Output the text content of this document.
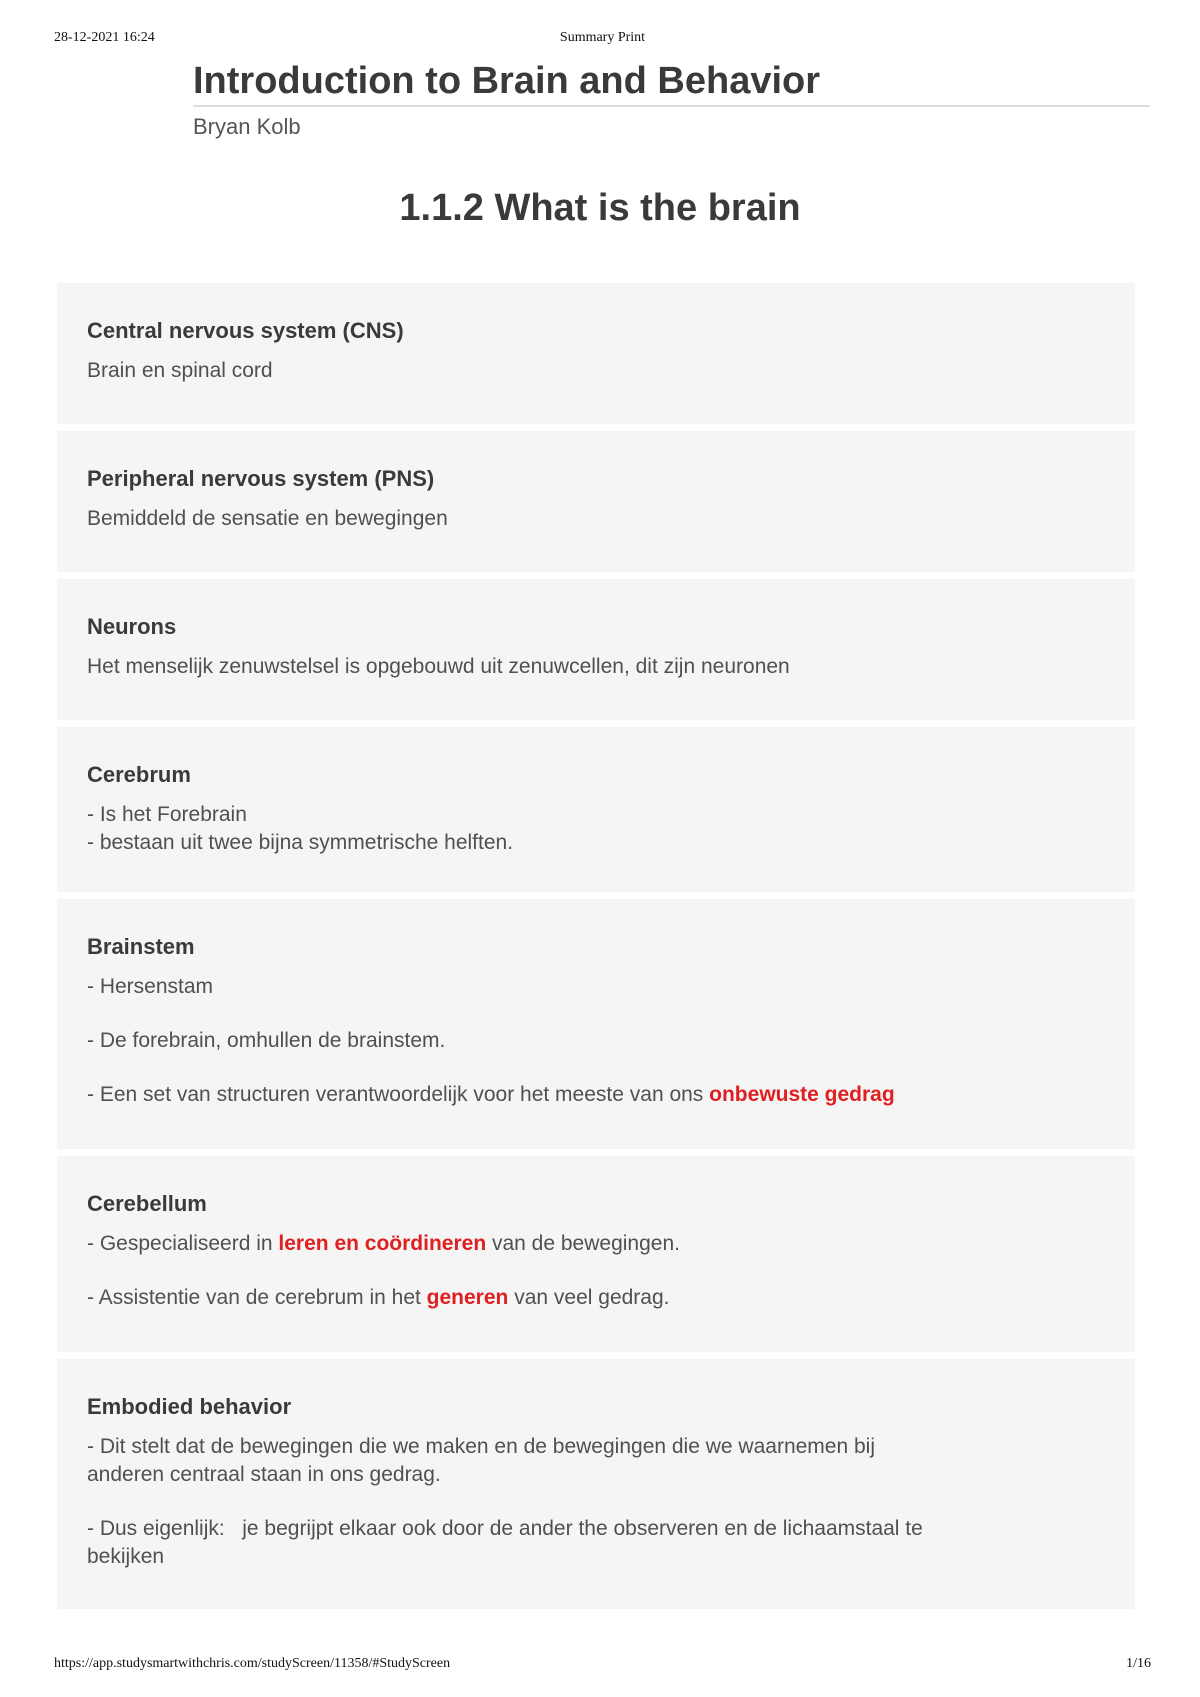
28-12-2021 16:24	Summary Print
Introduction to Brain and Behavior
Bryan Kolb
1.1.2 What is the brain

Central nervous system (CNS)

Brain en spinal cord

Peripheral nervous system (PNS)

Bemiddeld de sensatie en bewegingen

Neurons

Het menselijk zenuwstelsel is opgebouwd uit zenuwcellen, dit zijn neuronen

Cerebrum

- Is het Forebrain

- bestaan uit twee bijna symmetrische helften.

Brainstem

- Hersenstam

- De forebrain, omhullen de brainstem.

- Een set van structuren verantwoordelijk voor het meeste van ons onbewuste gedrag

Cerebellum

- Gespecialiseerd in leren en coördineren van de bewegingen.

- Assistentie van de cerebrum in het generen van veel gedrag.

Embodied behavior

- Dit stelt dat de bewegingen die we maken en de bewegingen die we waarnemen bij

anderen centraal staan in ons gedrag.

- Dus eigenlijk:   je begrijpt elkaar ook door de ander the observeren en de lichaamstaal te

bekijken

https://app.studysmartwithchris.com/studyScreen/11358/#StudyScreen	1/16
